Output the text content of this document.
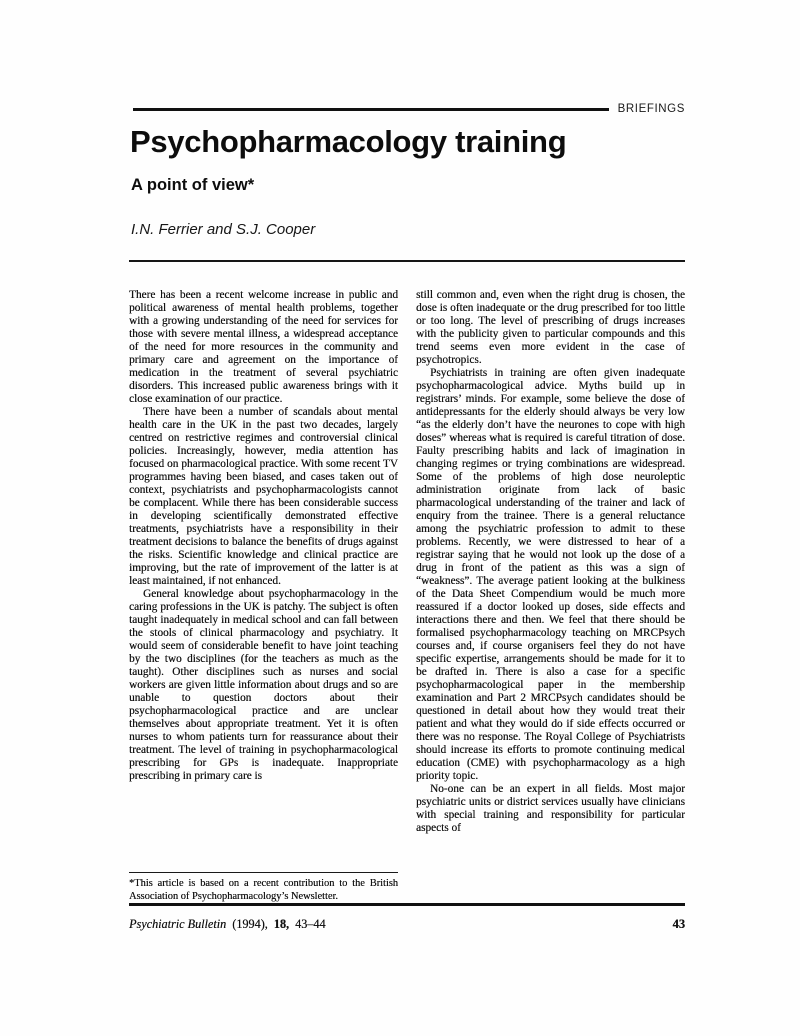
BRIEFINGS
Psychopharmacology training
A point of view*
I.N. Ferrier and S.J. Cooper

There has been a recent welcome increase in public and political awareness of mental health problems, together with a growing understanding of the need for services for those with severe mental illness, a widespread acceptance of the need for more resources in the community and primary care and agreement on the importance of medication in the treatment of several psychiatric disorders. This increased public awareness brings with it close examination of our practice.

There have been a number of scandals about mental health care in the UK in the past two decades, largely centred on restrictive regimes and controversial clinical policies. Increasingly, however, media attention has focused on pharmacological practice. With some recent TV programmes having been biased, and cases taken out of context, psychiatrists and psychopharmacologists cannot be complacent. While there has been considerable success in developing scientifically demonstrated effective treatments, psychiatrists have a responsibility in their treatment decisions to balance the benefits of drugs against the risks. Scientific knowledge and clinical practice are improving, but the rate of improvement of the latter is at least maintained, if not enhanced.

General knowledge about psychopharmacology in the caring professions in the UK is patchy. The subject is often taught inadequately in medical school and can fall between the stools of clinical pharmacology and psychiatry. It would seem of considerable benefit to have joint teaching by the two disciplines (for the teachers as much as the taught). Other disciplines such as nurses and social workers are given little information about drugs and so are unable to question doctors about their psychopharmacological practice and are unclear themselves about appropriate treatment. Yet it is often nurses to whom patients turn for reassurance about their treatment. The level of training in psychopharmacological prescribing for GPs is inadequate. Inappropriate prescribing in primary care is

*This article is based on a recent contribution to the British Association of Psychopharmacology’s Newsletter.

still common and, even when the right drug is chosen, the dose is often inadequate or the drug prescribed for too little or too long. The level of prescribing of drugs increases with the publicity given to particular compounds and this trend seems even more evident in the case of psychotropics.

Psychiatrists in training are often given inadequate psychopharmacological advice. Myths build up in registrars’ minds. For example, some believe the dose of antidepressants for the elderly should always be very low “as the elderly don’t have the neurones to cope with high doses” whereas what is required is careful titration of dose. Faulty prescribing habits and lack of imagination in changing regimes or trying combinations are widespread. Some of the problems of high dose neuroleptic administration originate from lack of basic pharmacological understanding of the trainer and lack of enquiry from the trainee. There is a general reluctance among the psychiatric profession to admit to these problems. Recently, we were distressed to hear of a registrar saying that he would not look up the dose of a drug in front of the patient as this was a sign of “weakness”. The average patient looking at the bulkiness of the Data Sheet Compendium would be much more reassured if a doctor looked up doses, side effects and interactions there and then. We feel that there should be formalised psychopharmacology teaching on MRCPsych courses and, if course organisers feel they do not have specific expertise, arrangements should be made for it to be drafted in. There is also a case for a specific psychopharmacological paper in the membership examination and Part 2 MRCPsych candidates should be questioned in detail about how they would treat their patient and what they would do if side effects occurred or there was no response. The Royal College of Psychiatrists should increase its efforts to promote continuing medical education (CME) with psychopharmacology as a high priority topic.

No-one can be an expert in all fields. Most major psychiatric units or district services usually have clinicians with special training and responsibility for particular aspects of

Psychiatric Bulletin (1994), 18, 43–44	43
